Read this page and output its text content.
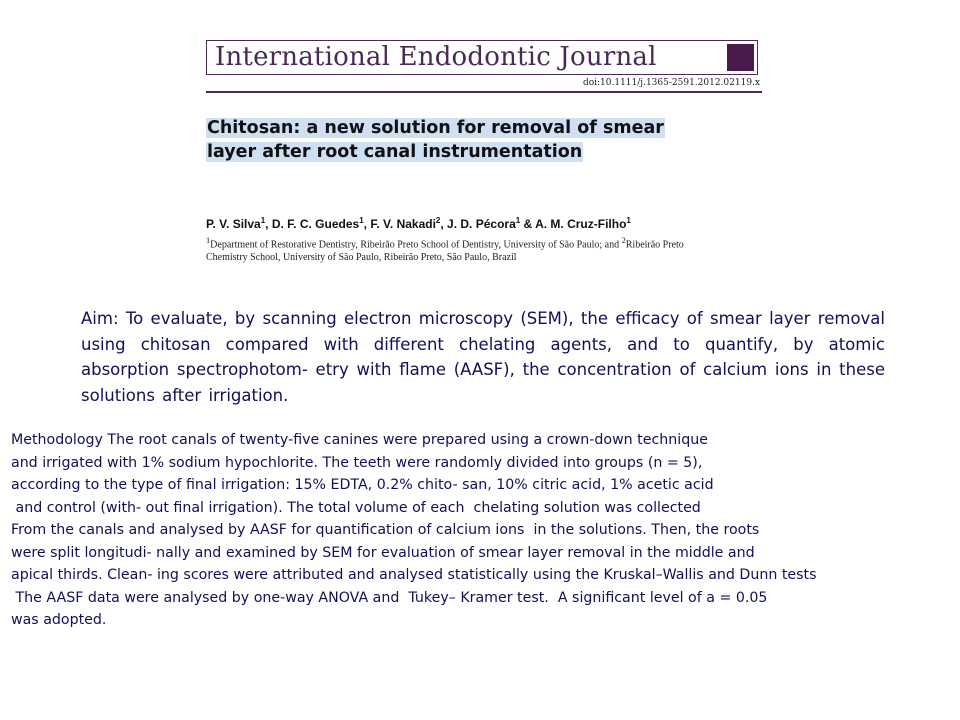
International Endodontic Journal
doi:10.1111/j.1365-2591.2012.02119.x
Chitosan: a new solution for removal of smear
layer after root canal instrumentation
P. V. Silva$^1$, D. F. C. Guedes$^1$, F. V. Nakadi$^2$, J. D. Pécora$^1$ & A. M. Cruz-Filho$^1$
$^1$Department of Restorative Dentistry, Ribeirão Preto School of Dentistry, University of São Paulo; and $^2$Ribeirão Preto Chemistry School, University of São Paulo, Ribeirão Preto, São Paulo, Brazil
Aim: To evaluate, by scanning electron microscopy (SEM), the efficacy of smear layer removal using chitosan compared with different chelating agents, and to quantify, by atomic absorption spectrophotom- etry with flame (AASF), the concentration of calcium ions in these solutions after irrigation.
Methodology The root canals of twenty-five canines were prepared using a crown-down technique
and irrigated with 1% sodium hypochlorite. The teeth were randomly divided into groups (n = 5),
according to the type of final irrigation: 15% EDTA, 0.2% chito- san, 10% citric acid, 1% acetic acid
and control (with- out final irrigation). The total volume of each  chelating solution was collected
From the canals and analysed by AASF for quantification of calcium ions  in the solutions. Then, the roots
were split longitudi- nally and examined by SEM for evaluation of smear layer removal in the middle and
apical thirds. Clean- ing scores were attributed and analysed statistically using the Kruskal–Wallis and Dunn tests
The AASF data were analysed by one-way ANOVA and  Tukey– Kramer test.  A significant level of a = 0.05
was adopted.
